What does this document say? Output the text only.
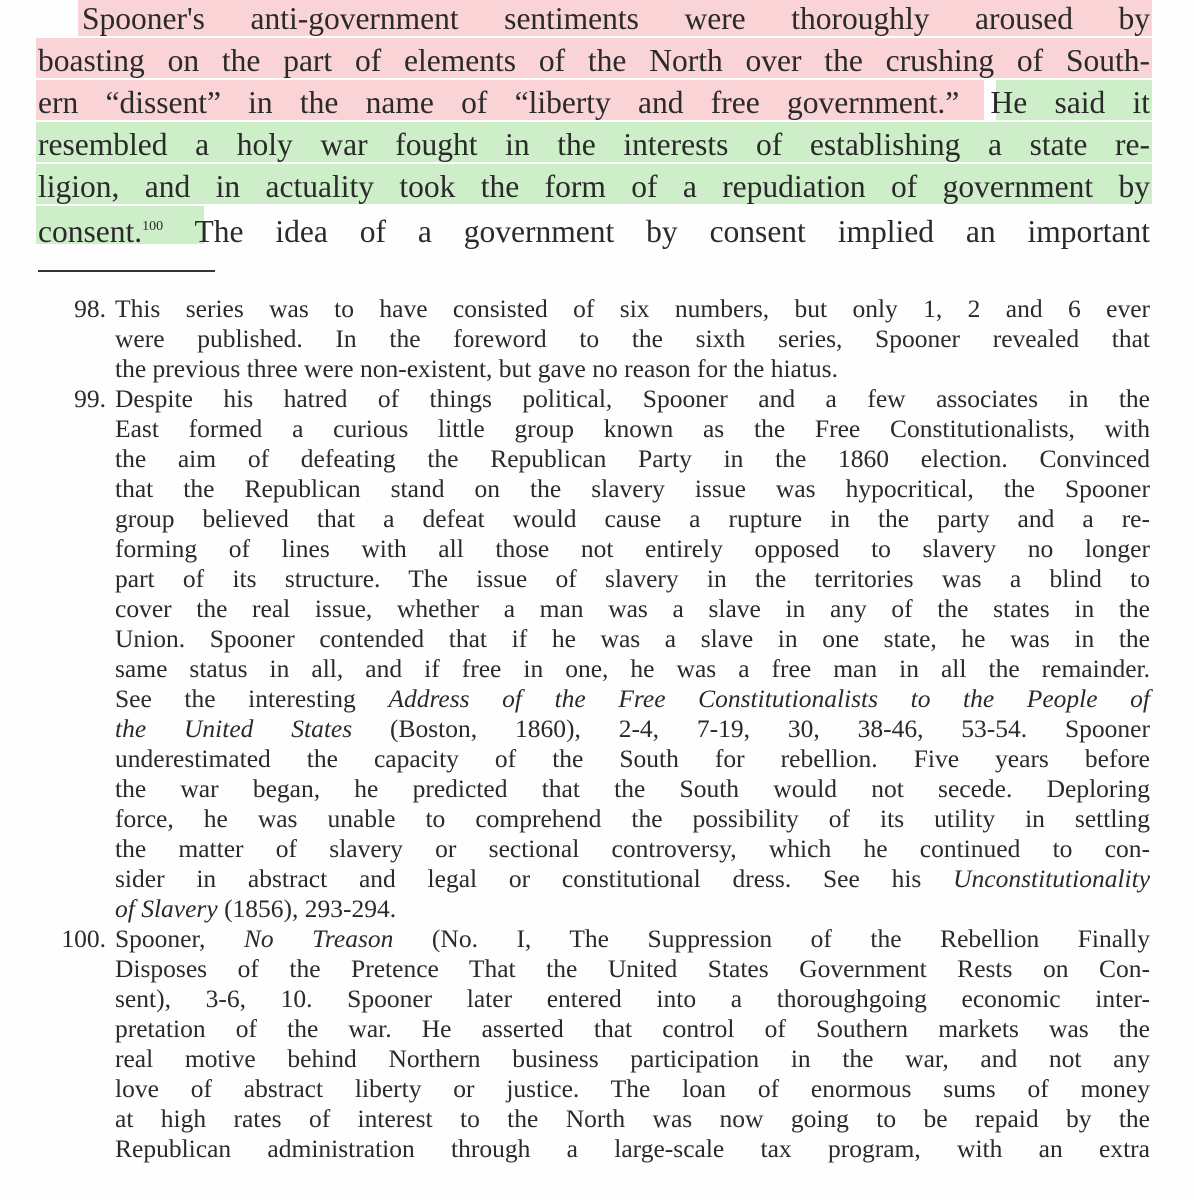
Spooner's anti-government sentiments were thoroughly aroused by
boasting on the part of elements of the North over the crushing of South-
ern “dissent” in the name of “liberty and free government.” He said it
resembled a holy war fought in the interests of establishing a state re-
ligion, and in actuality took the form of a repudiation of government by
consent.$^{100}$ The idea of a government by consent implied an important
98. This series was to have consisted of six numbers, but only 1, 2 and 6 ever
were published. In the foreword to the sixth series, Spooner revealed that
the previous three were non-existent, but gave no reason for the hiatus.
99. Despite his hatred of things political, Spooner and a few associates in the
East formed a curious little group known as the Free Constitutionalists, with
the aim of defeating the Republican Party in the 1860 election. Convinced
that the Republican stand on the slavery issue was hypocritical, the Spooner
group believed that a defeat would cause a rupture in the party and a re-
forming of lines with all those not entirely opposed to slavery no longer
part of its structure. The issue of slavery in the territories was a blind to
cover the real issue, whether a man was a slave in any of the states in the
Union. Spooner contended that if he was a slave in one state, he was in the
same status in all, and if free in one, he was a free man in all the remainder.
See the interesting Address of the Free Constitutionalists to the People of
the United States (Boston, 1860), 2-4, 7-19, 30, 38-46, 53-54. Spooner
underestimated the capacity of the South for rebellion. Five years before
the war began, he predicted that the South would not secede. Deploring
force, he was unable to comprehend the possibility of its utility in settling
the matter of slavery or sectional controversy, which he continued to con-
sider in abstract and legal or constitutional dress. See his Unconstitutionality
of Slavery (1856), 293-294.
100. Spooner, No Treason (No. I, The Suppression of the Rebellion Finally
Disposes of the Pretence That the United States Government Rests on Con-
sent), 3-6, 10. Spooner later entered into a thoroughgoing economic inter-
pretation of the war. He asserted that control of Southern markets was the
real motive behind Northern business participation in the war, and not any
love of abstract liberty or justice. The loan of enormous sums of money
at high rates of interest to the North was now going to be repaid by the
Republican administration through a large-scale tax program, with an extra
